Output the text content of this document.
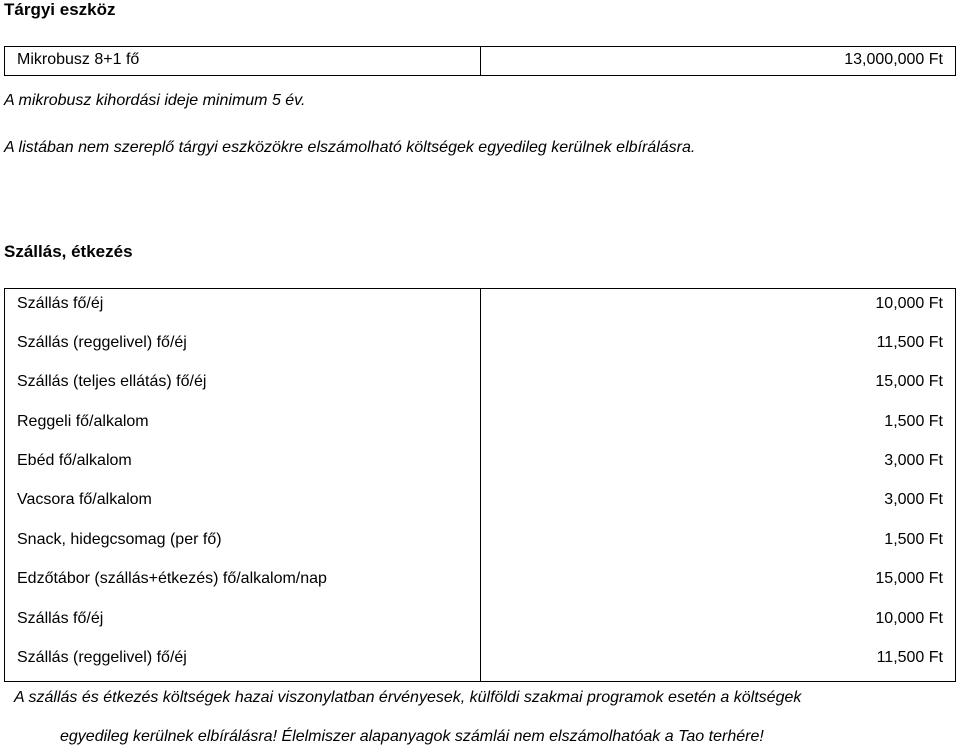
Tárgyi eszköz
Mikrobusz 8+1 fő	13,000,000 Ft
A mikrobusz kihordási ideje minimum 5 év.
A listában nem szereplő tárgyi eszközökre elszámolható költségek egyedileg kerülnek elbírálásra.
Szállás, étkezés
Szállás fő/éj	10,000 Ft
Szállás (reggelivel) fő/éj	11,500 Ft
Szállás (teljes ellátás) fő/éj	15,000 Ft
Reggeli fő/alkalom	1,500 Ft
Ebéd fő/alkalom	3,000 Ft
Vacsora fő/alkalom	3,000 Ft
Snack, hidegcsomag (per fő)	1,500 Ft
Edzőtábor (szállás+étkezés) fő/alkalom/nap	15,000 Ft
Szállás fő/éj	10,000 Ft
Szállás (reggelivel) fő/éj	11,500 Ft
A szállás és étkezés költségek hazai viszonylatban érvényesek, külföldi szakmai programok esetén a költségek
egyedileg kerülnek elbírálásra! Élelmiszer alapanyagok számlái nem elszámolhatóak a Tao terhére!
